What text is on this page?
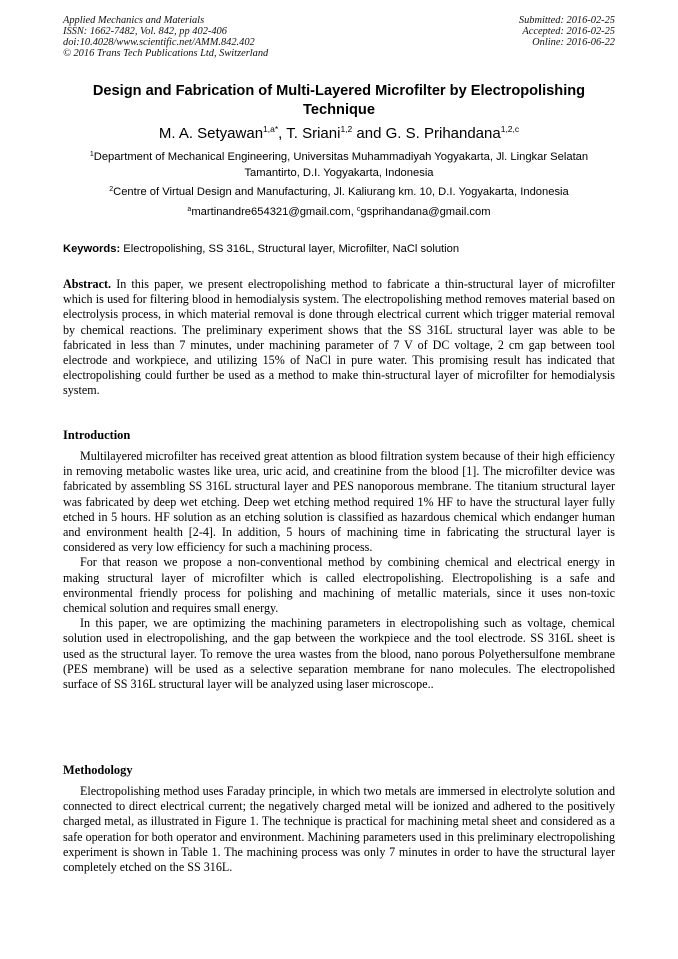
Applied Mechanics and Materials
ISSN: 1662-7482, Vol. 842, pp 402-406
doi:10.4028/www.scientific.net/AMM.842.402
© 2016 Trans Tech Publications Ltd, Switzerland
Submitted: 2016-02-25
Accepted: 2016-02-25
Online: 2016-06-22
Design and Fabrication of Multi-Layered Microfilter by Electropolishing Technique
M. A. Setyawan$^{1,a*}$, T. Sriani$^{1,2}$ and G. S. Prihandana$^{1,2,c}$
$^1$Department of Mechanical Engineering, Universitas Muhammadiyah Yogyakarta, Jl. Lingkar Selatan Tamantirto, D.I. Yogyakarta, Indonesia
$^2$Centre of Virtual Design and Manufacturing, Jl. Kaliurang km. 10, D.I. Yogyakarta, Indonesia
$^a$martinandre654321@gmail.com, $^c$gsprihandana@gmail.com
Keywords: Electropolishing, SS 316L, Structural layer, Microfilter, NaCl solution

Abstract. In this paper, we present electropolishing method to fabricate a thin-structural layer of microfilter which is used for filtering blood in hemodialysis system. The electropolishing method removes material based on electrolysis process, in which material removal is done through electrical current which trigger material removal by chemical reactions. The preliminary experiment shows that the SS 316L structural layer was able to be fabricated in less than 7 minutes, under machining parameter of 7 V of DC voltage, 2 cm gap between tool electrode and workpiece, and utilizing 15% of NaCl in pure water. This promising result has indicated that electropolishing could further be used as a method to make thin-structural layer of microfilter for hemodialysis system.

Introduction

Multilayered microfilter has received great attention as blood filtration system because of their high efficiency in removing metabolic wastes like urea, uric acid, and creatinine from the blood [1]. The microfilter device was fabricated by assembling SS 316L structural layer and PES nanoporous membrane. The titanium structural layer was fabricated by deep wet etching. Deep wet etching method required 1% HF to have the structural layer fully etched in 5 hours. HF solution as an etching solution is classified as hazardous chemical which endanger human and environment health [2-4]. In addition, 5 hours of machining time in fabricating the structural layer is considered as very low efficiency for such a machining process.

For that reason we propose a non-conventional method by combining chemical and electrical energy in making structural layer of microfilter which is called electropolishing. Electropolishing is a safe and environmental friendly process for polishing and machining of metallic materials, since it uses non-toxic chemical solution and requires small energy.

In this paper, we are optimizing the machining parameters in electropolishing such as voltage, chemical solution used in electropolishing, and the gap between the workpiece and the tool electrode. SS 316L sheet is used as the structural layer. To remove the urea wastes from the blood, nano porous Polyethersulfone membrane (PES membrane) will be used as a selective separation membrane for nano molecules. The electropolished surface of SS 316L structural layer will be analyzed using laser microscope..

Methodology

Electropolishing method uses Faraday principle, in which two metals are immersed in electrolyte solution and connected to direct electrical current; the negatively charged metal will be ionized and adhered to the positively charged metal, as illustrated in Figure 1. The technique is practical for machining metal sheet and considered as a safe operation for both operator and environment. Machining parameters used in this preliminary electropolishing experiment is shown in Table 1. The machining process was only 7 minutes in order to have the structural layer completely etched on the SS 316L.
